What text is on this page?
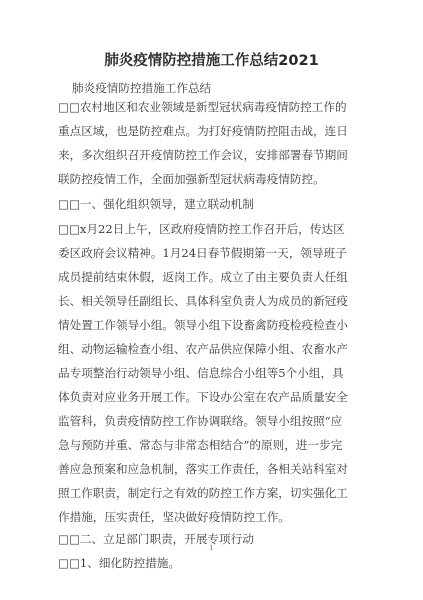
肺炎疫情防控措施工作总结2021
肺炎疫情防控措施工作总结
□□农村地区和农业领域是新型冠状病毒疫情防控工作的
重点区域，也是防控难点。为打好疫情防控阻击战，连日
来，多次组织召开疫情防控工作会议，安排部署春节期间
联防控疫情工作，全面加强新型冠状病毒疫情防控。
□□一、强化组织领导，建立联动机制
□□x月22日上午，区政府疫情防控工作召开后，传达区
委区政府会议精神。1月24日春节假期第一天，领导班子
成员提前结束休假，返岗工作。成立了由主要负责人任组
长、相关领导任副组长、具体科室负责人为成员的新冠疫
情处置工作领导小组。领导小组下设畜禽防疫检疫检查小
组、动物运输检查小组、农产品供应保障小组、农畜水产
品专项整治行动领导小组、信息综合小组等5个小组，具
体负责对应业务开展工作。下设办公室在农产品质量安全
监管科，负责疫情防控工作协调联络。领导小组按照“应
急与预防并重、常态与非常态相结合”的原则，进一步完
善应急预案和应急机制，落实工作责任，各相关站科室对
照工作职责，制定行之有效的防控工作方案，切实强化工
作措施，压实责任，坚决做好疫情防控工作。
□□二、立足部门职责，开展专项行动
□□1、细化防控措施。
1
